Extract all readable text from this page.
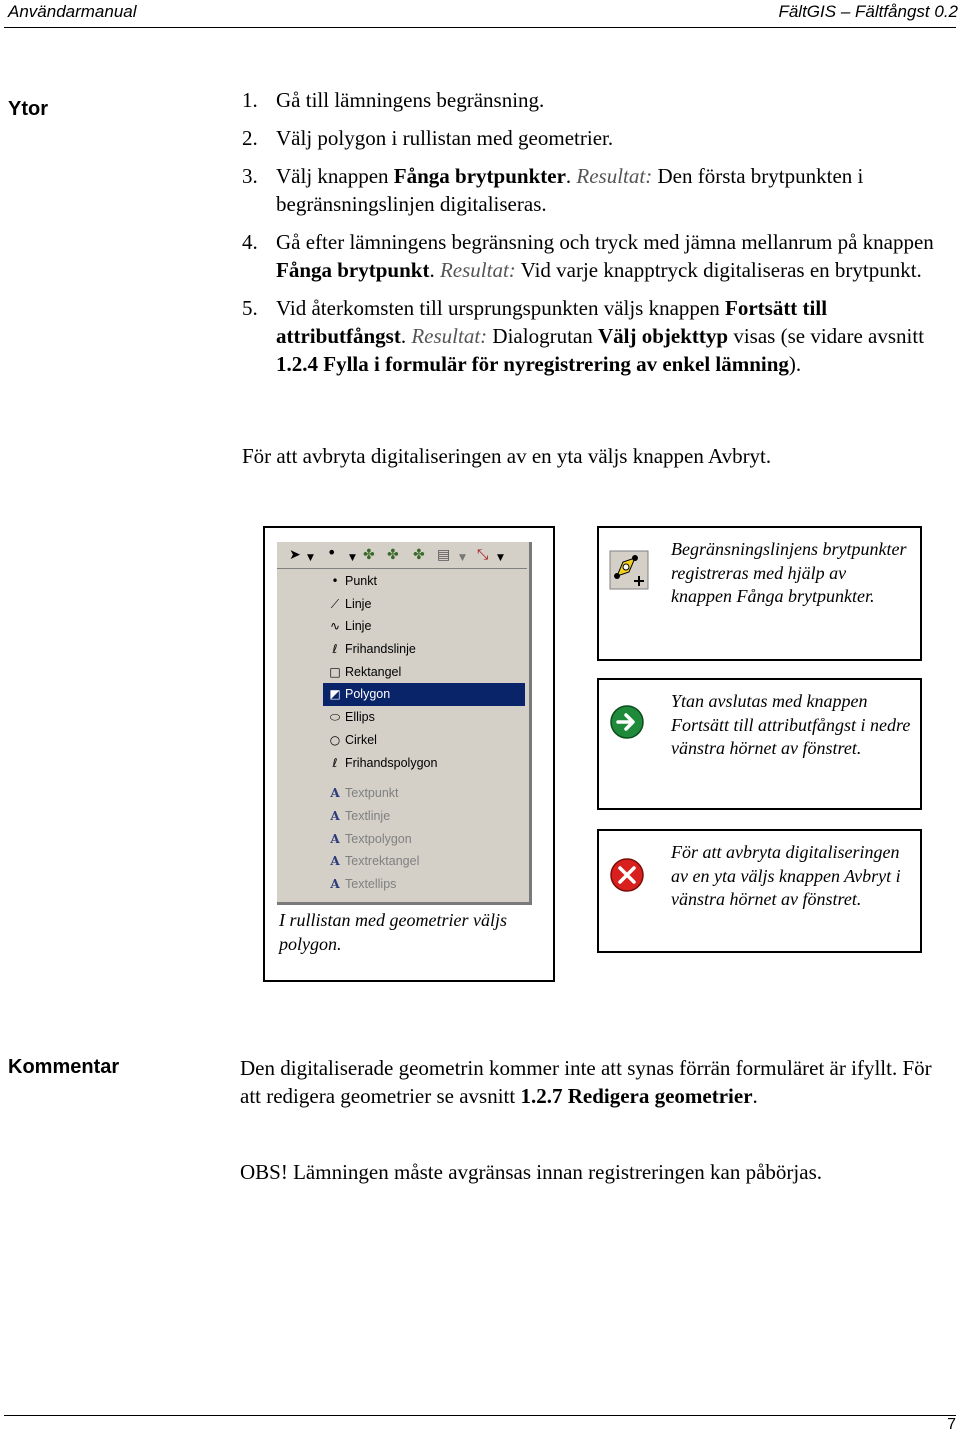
Användarmanual	FältGIS – Fältfångst 0.2
Ytor	1. Gå till lämningens begränsning.
2. Välj polygon i rullistan med geometrier.
3. Välj knappen Fånga brytpunkter. Resultat: Den första brytpunkten i begränsningslinjen digitaliseras.
4. Gå efter lämningens begränsning och tryck med jämna mellanrum på knappen Fånga brytpunkt. Resultat: Vid varje knapptryck digitaliseras en brytpunkt.
5. Vid återkomsten till ursprungspunkten väljs knappen Fortsätt till attributfångst. Resultat: Dialogrutan Välj objekttyp visas (se vidare avsnitt 1.2.4 Fylla i formulär för nyregistrering av enkel lämning).
För att avbryta digitaliseringen av en yta väljs knappen Avbryt.
➤ ▼ • ▼ ✤ ✤ ✤ ▤ ▼ ⤡ ▼
• Punkt
⟋ Linje
∿ Linje
ℓ Frihandslinje
□ Rektangel
◩ Polygon
⬭ Ellips
○ Cirkel
ℓ Frihandspolygon
A Textpunkt
A Textlinje
A Textpolygon
A Textrektangel
A Textellips
I rullistan med geometrier väljs polygon.
Begränsningslinjens brytpunkter registreras med hjälp av knappen Fånga brytpunkter.
Ytan avslutas med knappen Fortsätt till attributfångst i nedre vänstra hörnet av fönstret.
För att avbryta digitaliseringen av en yta väljs knappen Avbryt i vänstra hörnet av fönstret.
Kommentar	Den digitaliserade geometrin kommer inte att synas förrän formuläret är ifyllt. För att redigera geometrier se avsnitt 1.2.7 Redigera geometrier.
OBS! Lämningen måste avgränsas innan registreringen kan påbörjas.
7
